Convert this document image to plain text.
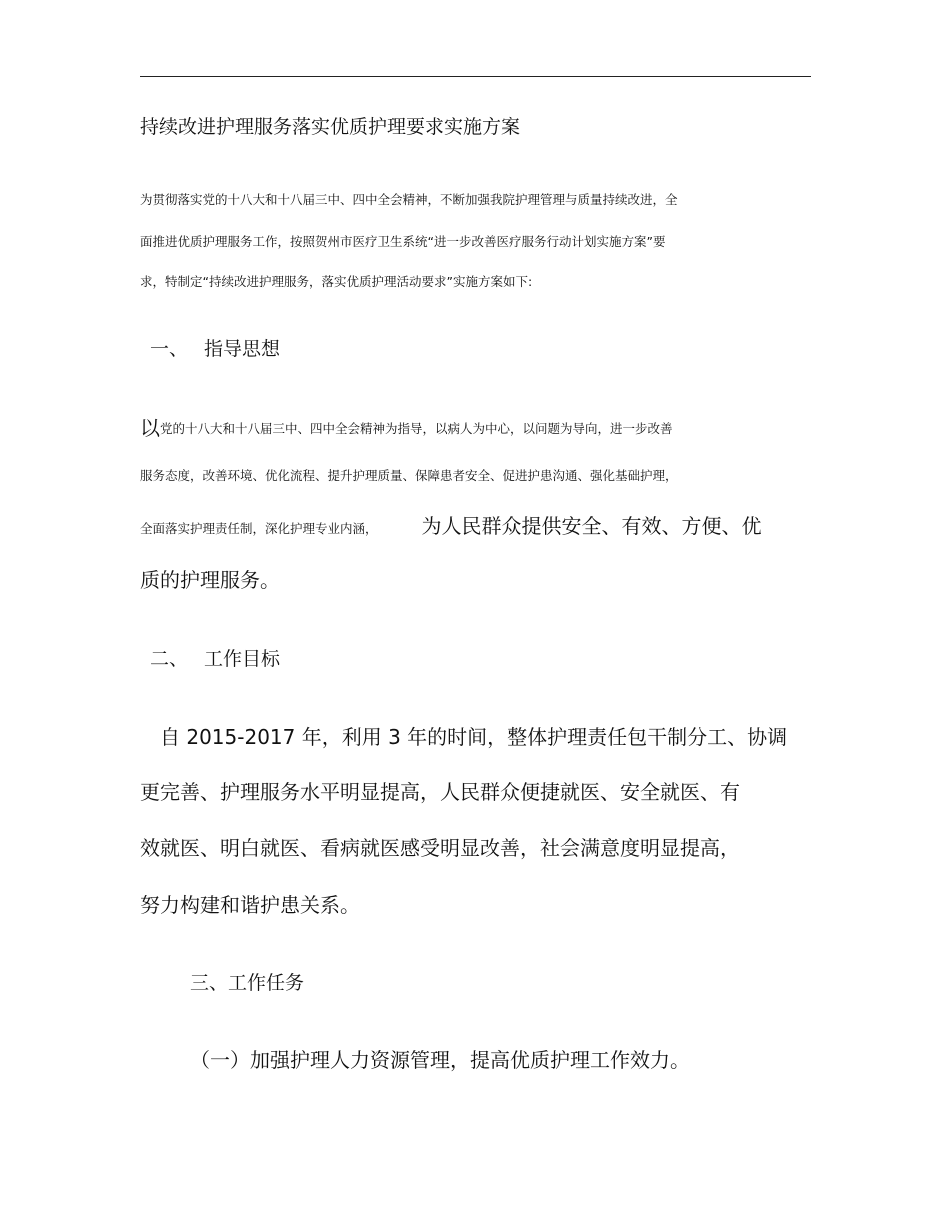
持续改进护理服务落实优质护理要求实施方案
为贯彻落实党的十八大和十八届三中、四中全会精神，不断加强我院护理管理与质量持续改进，全
面推进优质护理服务工作，按照贺州市医疗卫生系统“进一步改善医疗服务行动计划实施方案”要
求，特制定“持续改进护理服务，落实优质护理活动要求”实施方案如下:
一、 指导思想
以党的十八大和十八届三中、四中全会精神为指导，以病人为中心，以问题为导向，进一步改善
服务态度，改善环境、优化流程、提升护理质量、保障患者安全、促进护患沟通、强化基础护理，
全面落实护理责任制，深化护理专业内涵， 为人民群众提供安全、有效、方便、优
质的护理服务。
二、 工作目标
自 2015-2017 年，利用 3 年的时间，整体护理责任包干制分工、协调
更完善、护理服务水平明显提高，人民群众便捷就医、安全就医、有
效就医、明白就医、看病就医感受明显改善，社会满意度明显提高，
努力构建和谐护患关系。
三、工作任务
（一）加强护理人力资源管理，提高优质护理工作效力。
